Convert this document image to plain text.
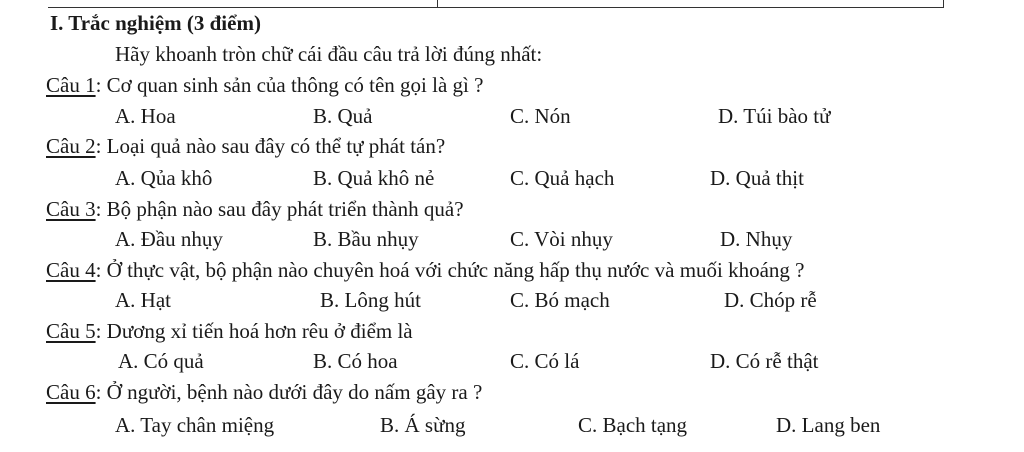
I. Trắc nghiệm (3 điểm)
Hãy khoanh tròn chữ cái đầu câu trả lời đúng nhất:
Câu 1: Cơ quan sinh sản của thông có tên gọi là gì ?
A. Hoa	B. Quả	C. Nón	D. Túi bào tử
Câu 2: Loại quả nào sau đây có thể tự phát tán?
A. Qủa khô	B. Quả khô nẻ	C. Quả hạch	D. Quả thịt
Câu 3: Bộ phận nào sau đây phát triển thành quả?
A. Đầu nhụy	B. Bầu nhụy	C. Vòi nhụy	D. Nhụy
Câu 4: Ở thực vật, bộ phận nào chuyên hoá với chức năng hấp thụ nước và muối khoáng ?
A. Hạt	B. Lông hút	C. Bó mạch	D. Chóp rễ
Câu 5: Dương xỉ tiến hoá hơn rêu ở điểm là
A. Có quả	B. Có hoa	C. Có lá	D. Có rễ thật
Câu 6: Ở người, bệnh nào dưới đây do nấm gây ra ?
A. Tay chân miệng	B. Á sừng	C. Bạch tạng	D. Lang ben
